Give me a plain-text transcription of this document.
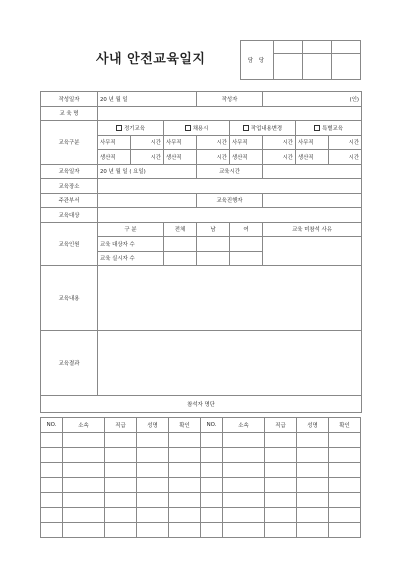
사내 안전교육일지	담 당			

작성일자	20 년 월 일			작성자		(인)		
교 육 명								
교육구분	정기교육		채용시		작업내용변경		특별교육	
	사무직	시간	사무직	시간	사무직	시간	사무직	시간
	생산직	시간	생산직	시간	생산직	시간	생산직	시간
교육일자	20 년 월 일 ( 요일)			교육시간				
교육장소								
주관부서				교육진행자				
교육대상								
교육인원	구 분		전체	남	여	교육 미참석 사유		
	교육 대상자 수							
	교육 실시자 수							
교육내용								
교육결과								
참석자 명단								
NO.	소속	직급	성명	확인	NO.	소속	직급	성명	확인
